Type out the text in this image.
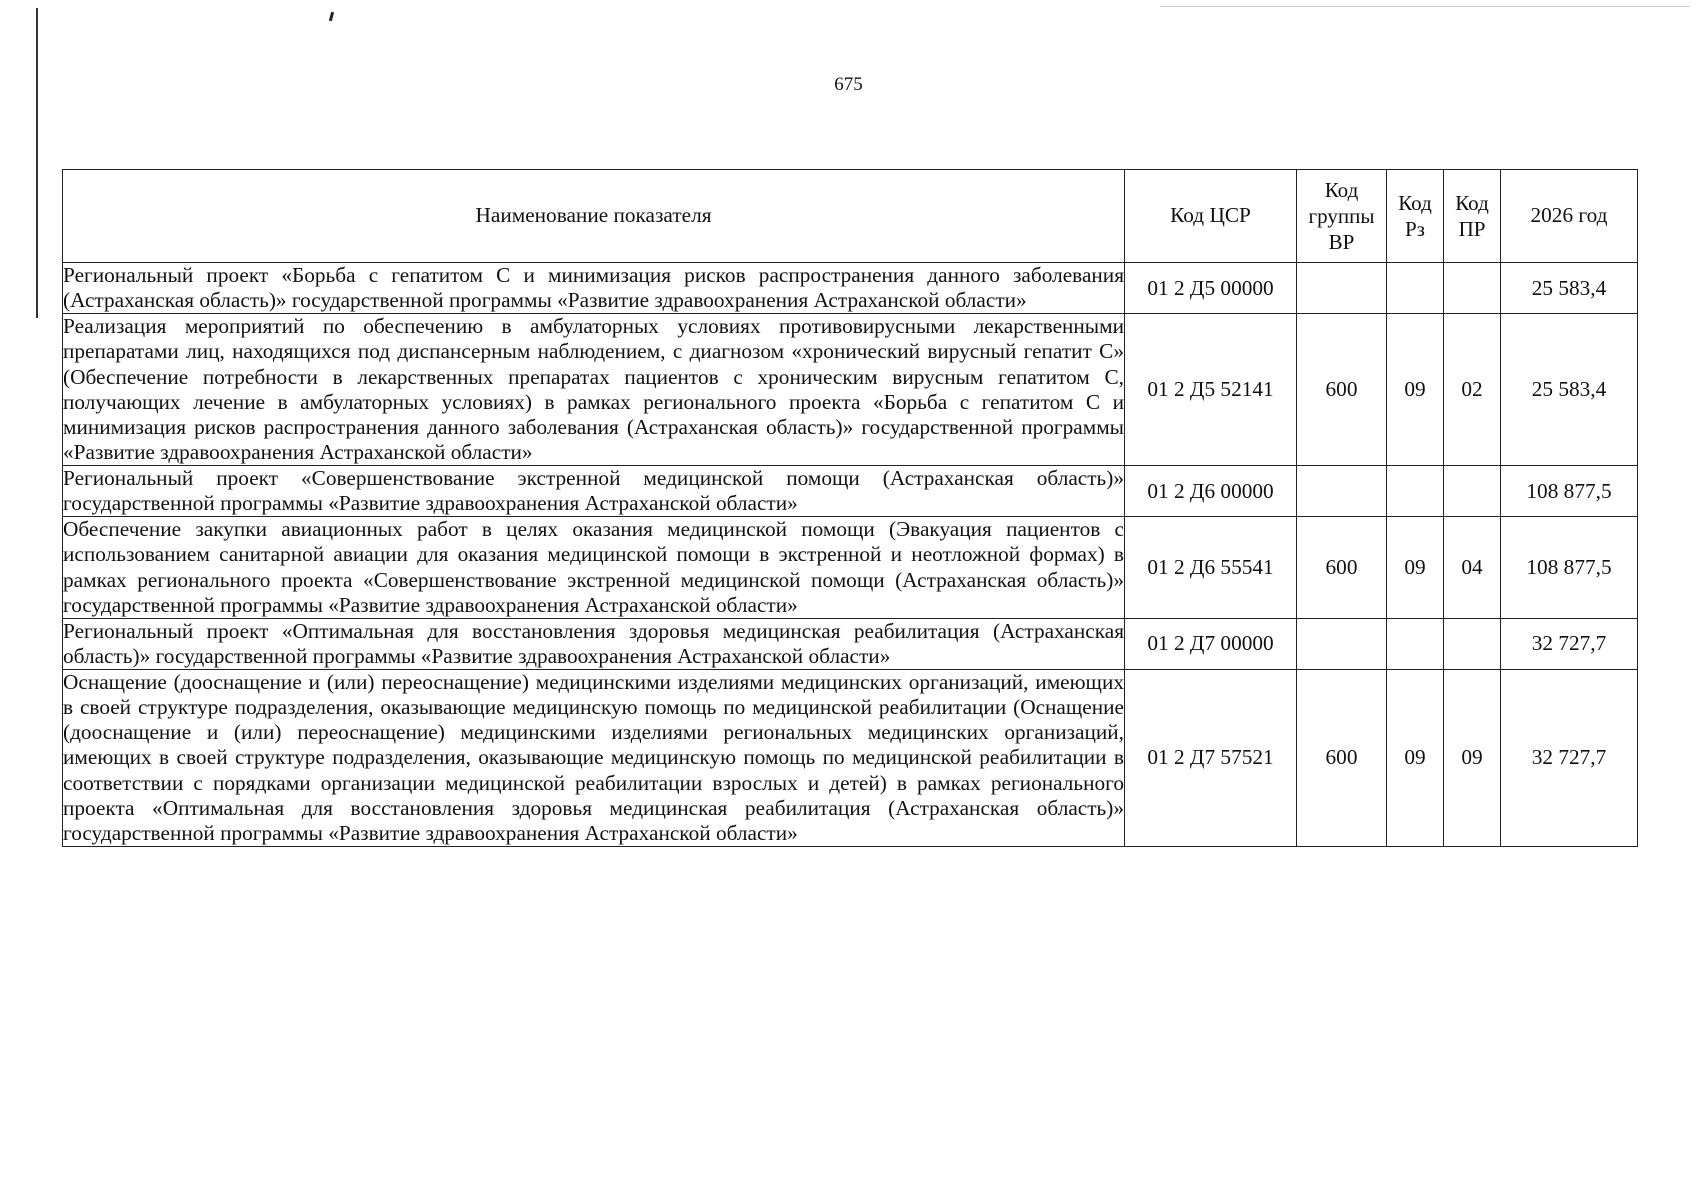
675
Наименование показателя	Код ЦСР	Код группы ВР	Код Рз	Код ПР	2026 год
Региональный проект «Борьба с гепатитом С и минимизация рисков распространения данного заболевания (Астраханская область)» государственной программы «Развитие здравоохранения Астраханской области»	01 2 Д5 00000				25 583,4
Реализация мероприятий по обеспечению в амбулаторных условиях противовирусными лекарственными препаратами лиц, находящихся под диспансерным наблюдением, с диагнозом «хронический вирусный гепатит С» (Обеспечение потребности в лекарственных препаратах пациентов с хроническим вирусным гепатитом С, получающих лечение в амбулаторных условиях) в рамках регионального проекта «Борьба с гепатитом С и минимизация рисков распространения данного заболевания (Астраханская область)» государственной программы «Развитие здравоохранения Астраханской области»	01 2 Д5 52141	600	09	02	25 583,4
Региональный проект «Совершенствование экстренной медицинской помощи (Астраханская область)» государственной программы «Развитие здравоохранения Астраханской области»	01 2 Д6 00000				108 877,5
Обеспечение закупки авиационных работ в целях оказания медицинской помощи (Эвакуация пациентов с использованием санитарной авиации для оказания медицинской помощи в экстренной и неотложной формах) в рамках регионального проекта «Совершенствование экстренной медицинской помощи (Астраханская область)» государственной программы «Развитие здравоохранения Астраханской области»	01 2 Д6 55541	600	09	04	108 877,5
Региональный проект «Оптимальная для восстановления здоровья медицинская реабилитация (Астраханская область)» государственной программы «Развитие здравоохранения Астраханской области»	01 2 Д7 00000				32 727,7
Оснащение (дооснащение и (или) переоснащение) медицинскими изделиями медицинских организаций, имеющих в своей структуре подразделения, оказывающие медицинскую помощь по медицинской реабилитации (Оснащение (дооснащение и (или) переоснащение) медицинскими изделиями региональных медицинских организаций, имеющих в своей структуре подразделения, оказывающие медицинскую помощь по медицинской реабилитации в соответствии с порядками организации медицинской реабилитации взрослых и детей) в рамках регионального проекта «Оптимальная для восстановления здоровья медицинская реабилитация (Астраханская область)» государственной программы «Развитие здравоохранения Астраханской области»	01 2 Д7 57521	600	09	09	32 727,7
